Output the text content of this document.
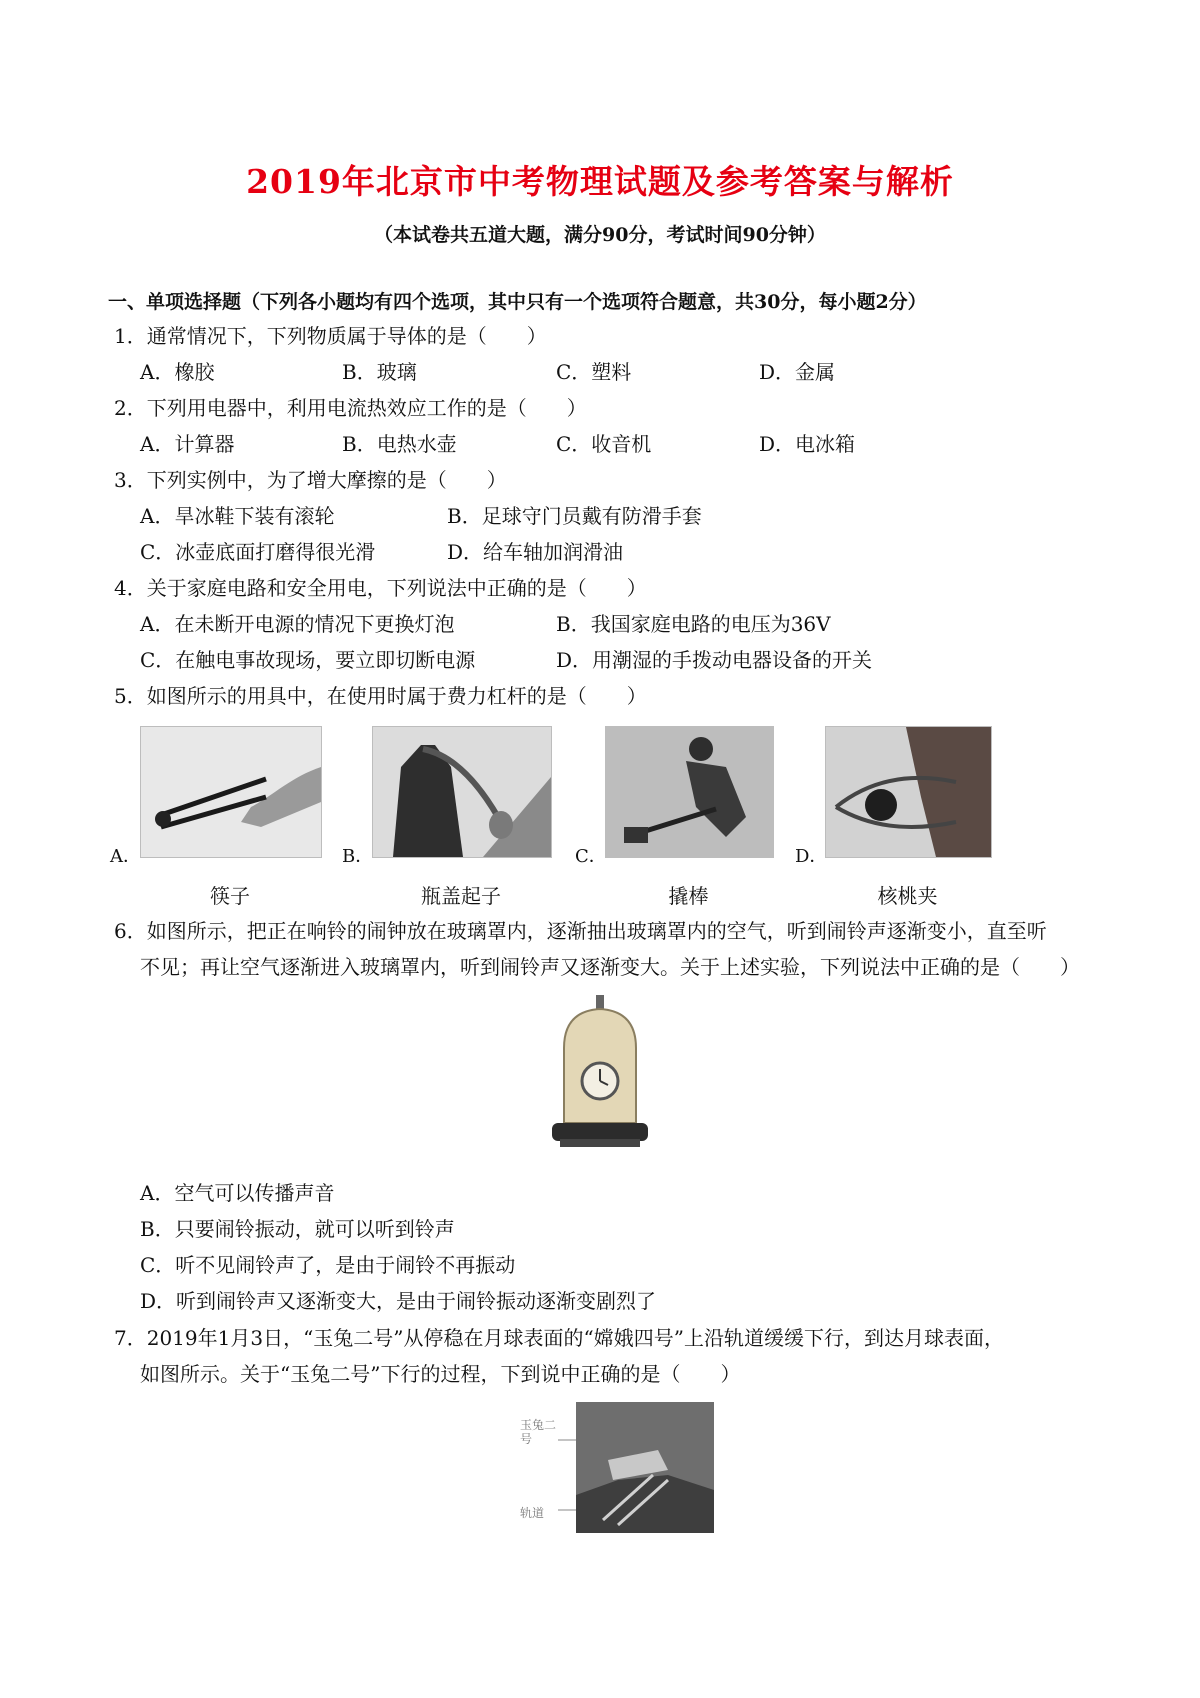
2019年北京市中考物理试题及参考答案与解析
（本试卷共五道大题，满分90分，考试时间90分钟）
一、单项选择题（下列各小题均有四个选项，其中只有一个选项符合题意，共30分，每小题2分）
1．通常情况下，下列物质属于导体的是（　　）
A．橡胶	B．玻璃	C．塑料	D．金属
2．下列用电器中，利用电流热效应工作的是（　　）
A．计算器	B．电热水壶	C．收音机	D．电冰箱
3．下列实例中，为了增大摩擦的是（　　）
A．旱冰鞋下装有滚轮	B．足球守门员戴有防滑手套
C．冰壶底面打磨得很光滑	D．给车轴加润滑油
4．关于家庭电路和安全用电，下列说法中正确的是（　　）
A．在未断开电源的情况下更换灯泡	B．我国家庭电路的电压为36V
C．在触电事故现场，要立即切断电源	D．用潮湿的手拨动电器设备的开关
5．如图所示的用具中，在使用时属于费力杠杆的是（　　）
A．	B．	C．	D．
筷子	瓶盖起子	撬棒	核桃夹
6．如图所示，把正在响铃的闹钟放在玻璃罩内，逐渐抽出玻璃罩内的空气，听到闹铃声逐渐变小，直至听
不见；再让空气逐渐进入玻璃罩内，听到闹铃声又逐渐变大。关于上述实验，下列说法中正确的是（　　）
A．空气可以传播声音
B．只要闹铃振动，就可以听到铃声
C．听不见闹铃声了，是由于闹铃不再振动
D．听到闹铃声又逐渐变大，是由于闹铃振动逐渐变剧烈了
7．2019年1月3日，“玉兔二号”从停稳在月球表面的“嫦娥四号”上沿轨道缓缓下行，到达月球表面，
如图所示。关于“玉兔二号”下行的过程，下到说中正确的是（　　）
玉兔二号
轨道
